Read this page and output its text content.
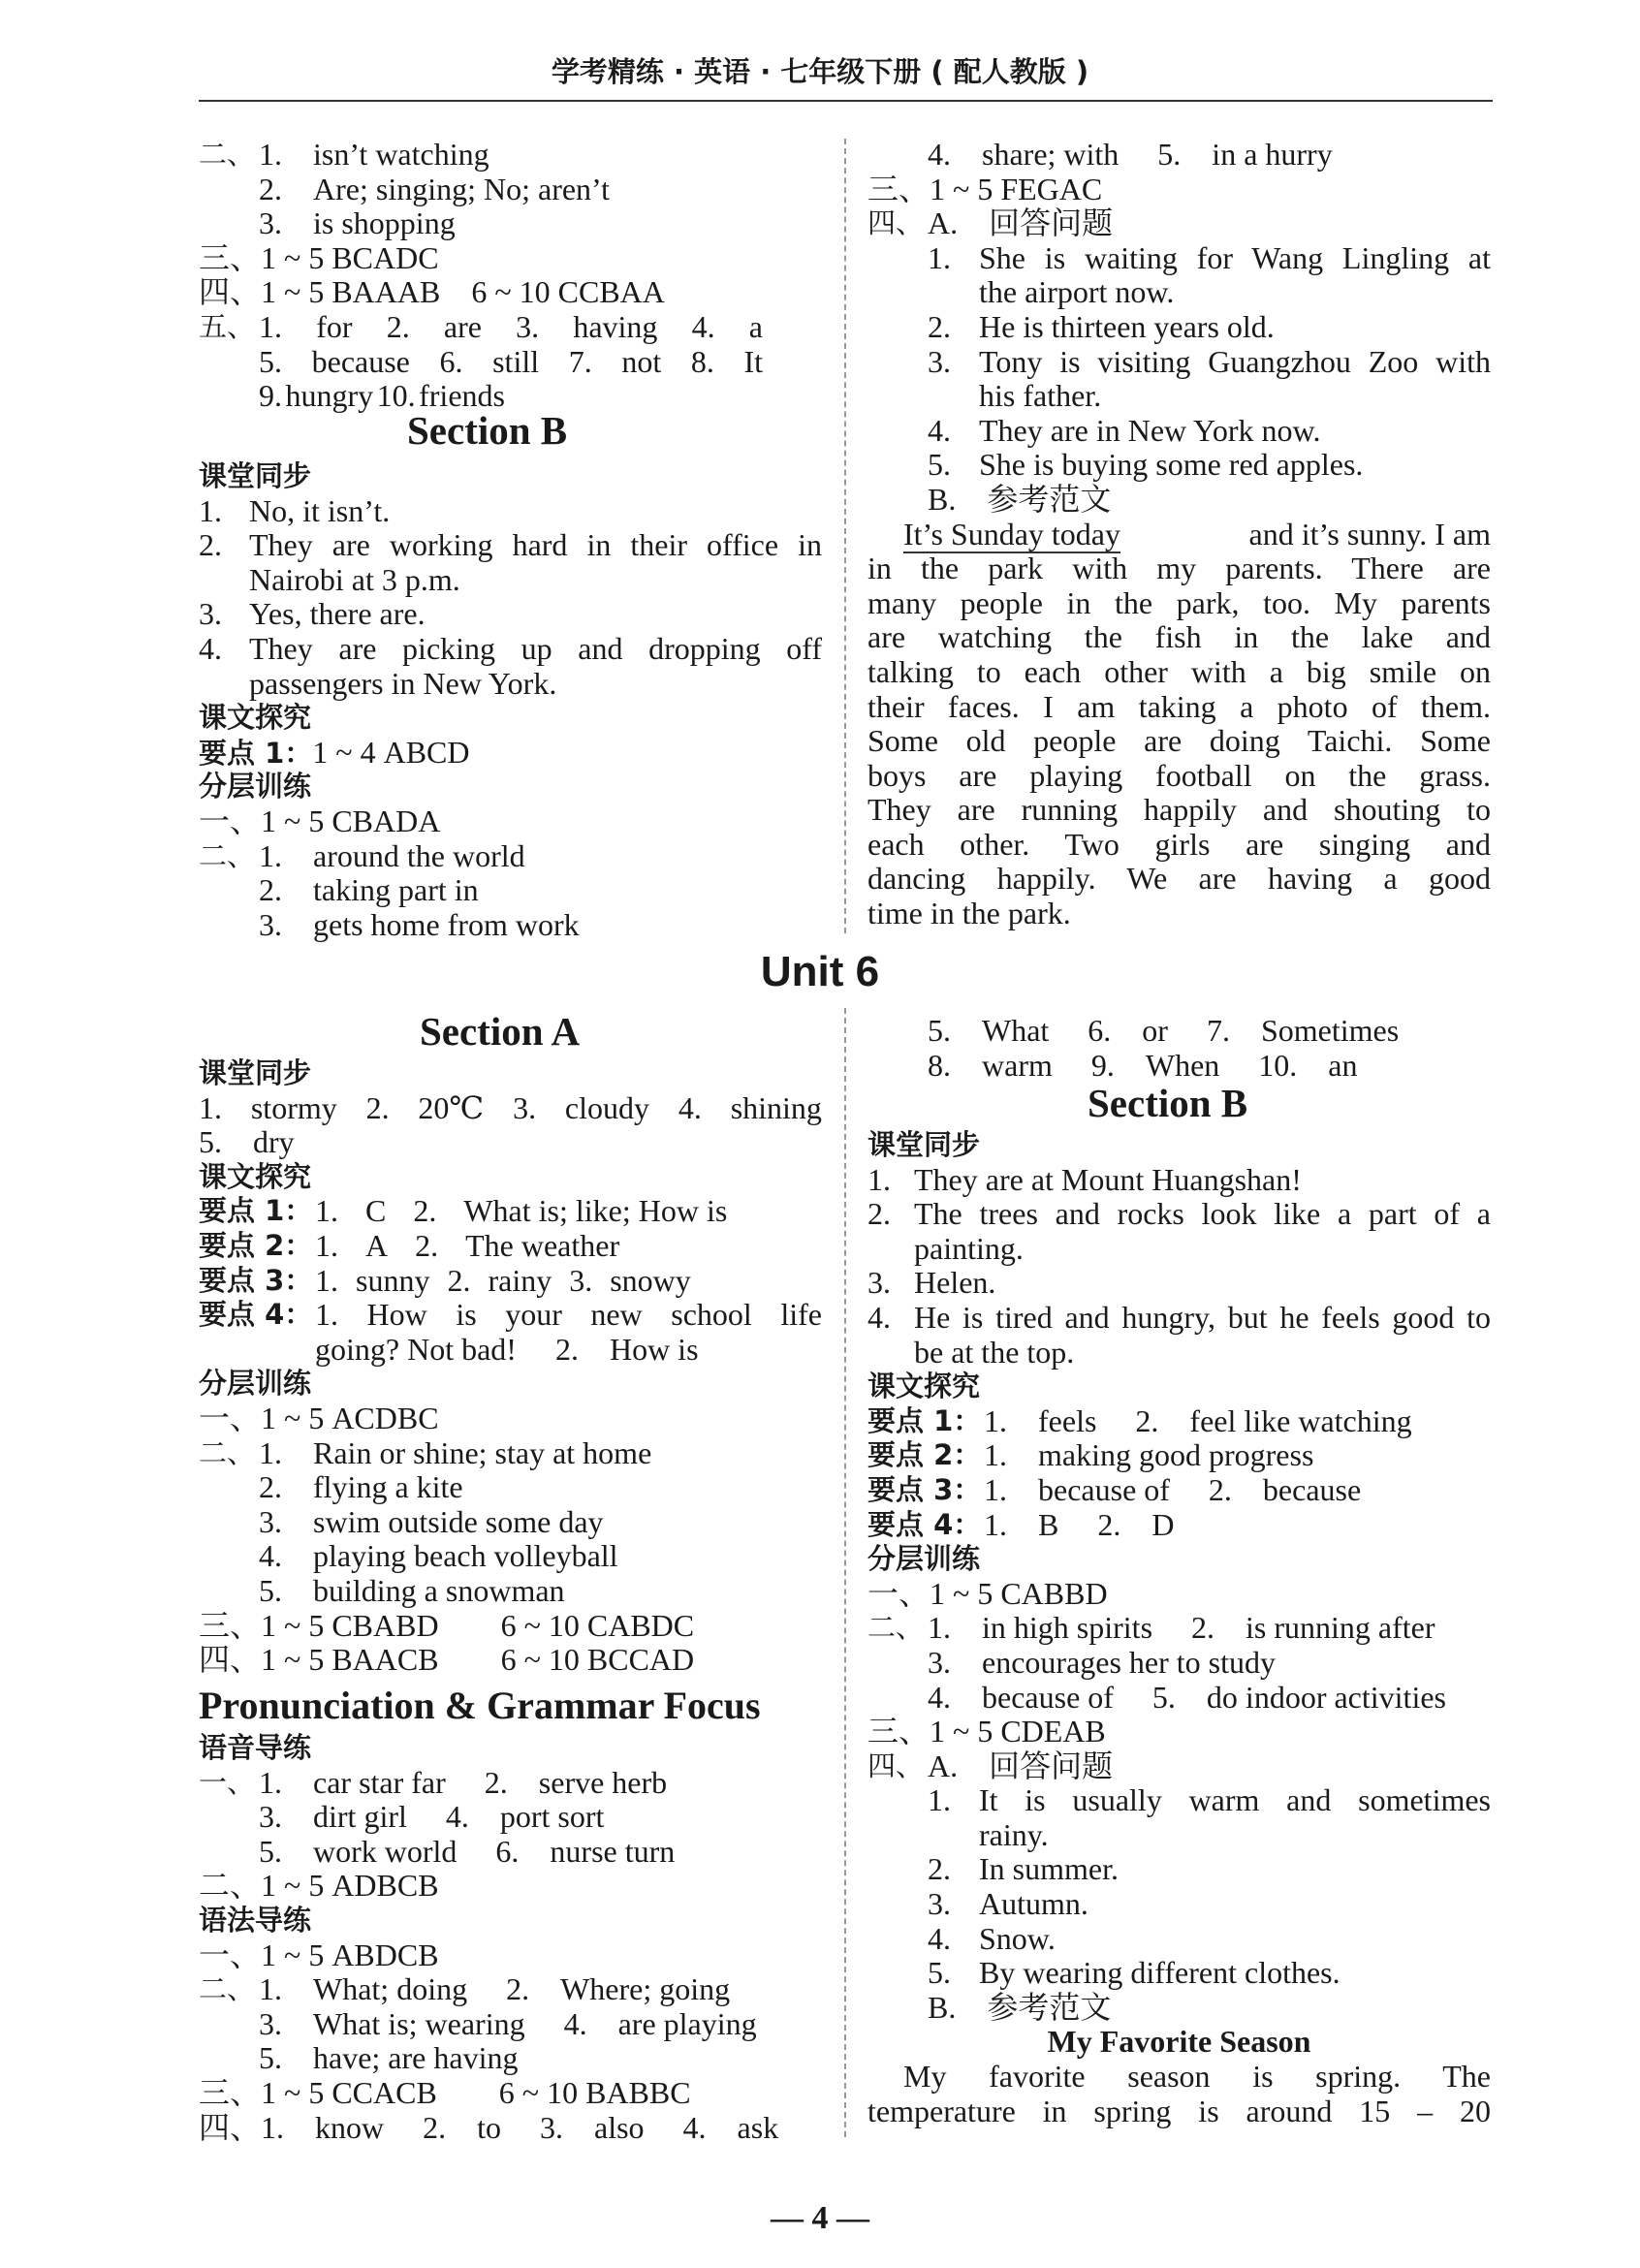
学考精练 · 英语 · 七年级下册 ( 配人教版 )
Unit 6
二、 1.　isn’t watching
2.　Are; singing; No; aren’t
3.　is shopping
三、1 ~ 5 BCADC
四、1 ~ 5 BAAAB　6 ~ 10 CCBAA
五、 1. for 2. are 3. having 4. a
5. because 6. still 7. not 8. It
9. hungry 10. friends
Section B
课堂同步
1. No, it isn’t.
2. They are working hard in their office in
Nairobi at 3 p.m.
3. Yes, there are.
4. They are picking up and dropping off
passengers in New York.
课文探究
要点 1：1 ~ 4 ABCD
分层训练
一、1 ~ 5 CBADA
二、 1.　around the world
2.　taking part in
3.　gets home from work
4.　share; with　 5.　in a hurry
三、1 ~ 5 FEGAC
四、 A.　回答问题
1. She is waiting for Wang Lingling at
the airport now.
2. He is thirteen years old.
3. Tony is visiting Guangzhou Zoo with
his father.
4. They are in New York now.
5. She is buying some red apples.
B.　参考范文
It’s Sunday today	and it’s sunny. I am
in the park with my parents. There are
many people in the park, too. My parents
are watching the fish in the lake and
talking to each other with a big smile on
their faces. I am taking a photo of them.
Some old people are doing Taichi. Some
boys are playing football on the grass.
They are running happily and shouting to
each other. Two girls are singing and
dancing happily. We are having a good
time in the park.
Section A
课堂同步
1. stormy 2. 20℃ 3. cloudy 4. shining
5.　dry
课文探究
要点 1： 1. C 2. What is; like; How is
要点 2： 1. A 2. The weather
要点 3： 1. sunny 2. rainy 3. snowy
要点 4： 1. How is your new school life
going? Not bad!　 2.　How is
分层训练
一、1 ~ 5 ACDBC
二、 1.　Rain or shine; stay at home
2.　flying a kite
3.　swim outside some day
4.　playing beach volleyball
5.　building a snowman
三、1 ~ 5 CBABD　　6 ~ 10 CABDC
四、1 ~ 5 BAACB　　6 ~ 10 BCCAD
Pronunciation & Grammar Focus
语音导练
一、 1.　car star far　 2.　serve herb
3.　dirt girl　 4.　port sort
5.　work world　 6.　nurse turn
二、1 ~ 5 ADBCB
语法导练
一、1 ~ 5 ABDCB
二、 1.　What; doing　 2.　Where; going
3.　What is; wearing　 4.　are playing
5.　have; are having
三、1 ~ 5 CCACB　　6 ~ 10 BABBC
四、1.　know　 2.　to　 3.　also　 4.　ask
5.　What　 6.　or　 7.　Sometimes
8.　warm　 9.　When　 10.　an
Section B
课堂同步
1. They are at Mount Huangshan!
2. The trees and rocks look like a part of a
painting.
3. Helen.
4. He is tired and hungry, but he feels good to
be at the top.
课文探究
要点 1： 1.　feels　 2.　feel like watching
要点 2： 1.　making good progress
要点 3： 1.　because of　 2.　because
要点 4： 1.　B　 2.　D
分层训练
一、1 ~ 5 CABBD
二、 1.　in high spirits　 2.　is running after
3.　encourages her to study
4.　because of　 5.　do indoor activities
三、1 ~ 5 CDEAB
四、 A.　回答问题
1. It is usually warm and sometimes
rainy.
2. In summer.
3. Autumn.
4. Snow.
5. By wearing different clothes.
B.　参考范文
My Favorite Season
My favorite season is spring. The
temperature in spring is around 15 – 20
— 4 —
